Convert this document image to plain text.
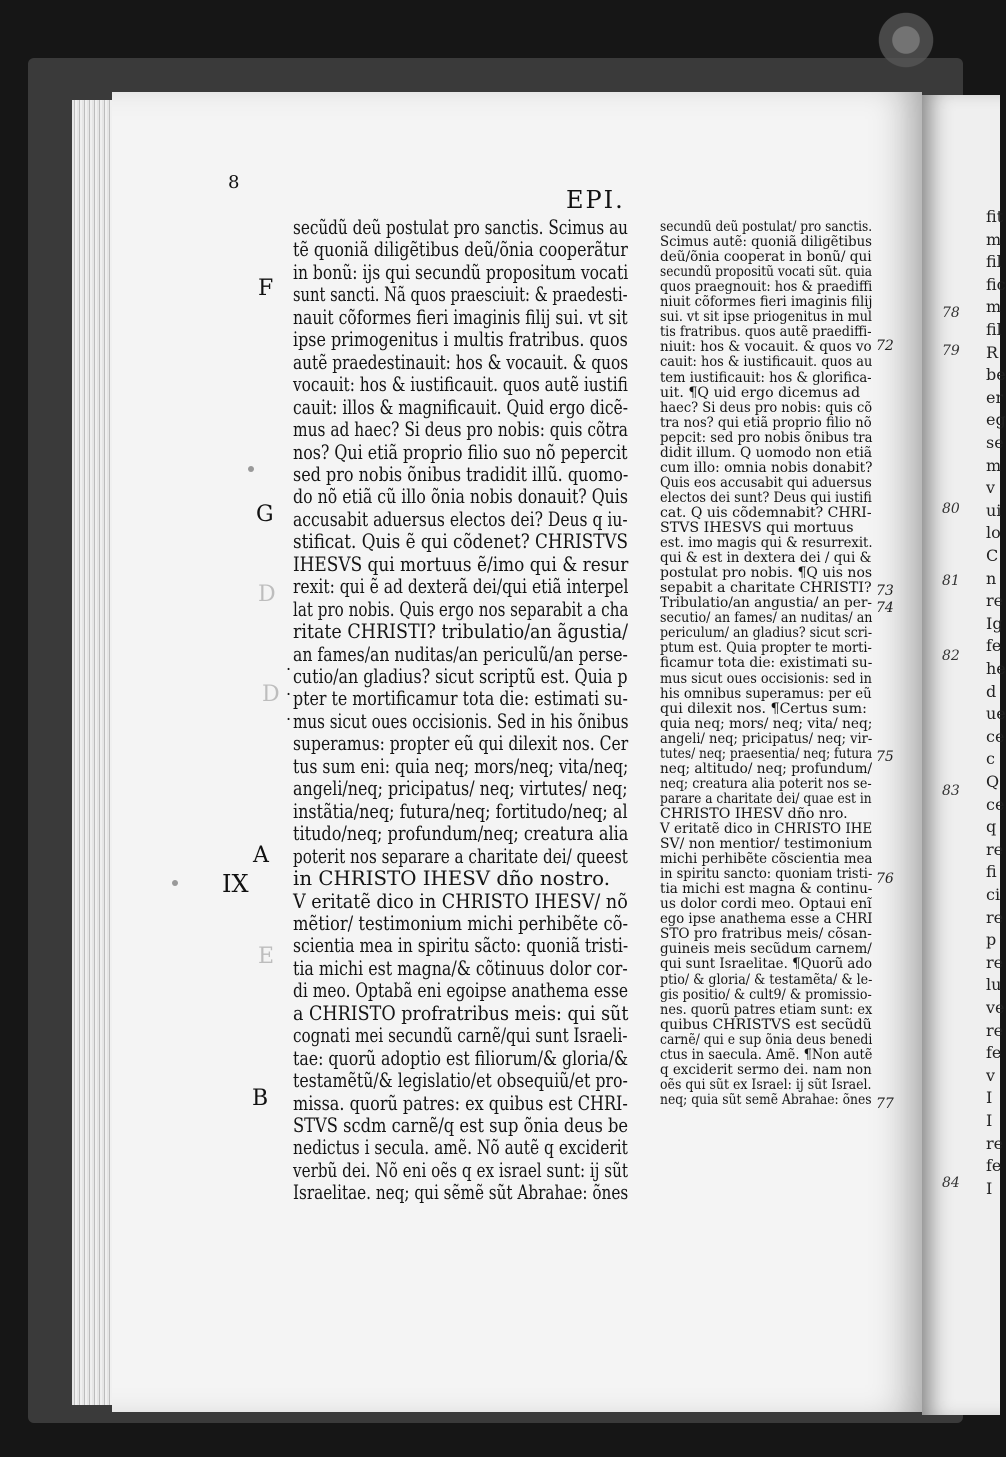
fit
m
fil
fic
m
fil
R
be
er
eg
se
m
v
ui
lo
C
n
re
Ig
fe
he
d
ue
ce
c
Q
ce
q
re
fi
ci
re
p
re
lu
ve
re
fe
v
I
I
re
fe
I
78
79
80
81
82
83
84
8
EPI.
F
G
D
D
A
E
B
IX
.
.
.
secũdũ deũ postulat pro sanctis. Scimus au
tẽ quoniã diligẽtibus deũ/õnia cooperãtur
in bonũ: ijs qui secundũ propositum vocati
sunt sancti. Nã quos praesciuit: & praedesti-
nauit cõformes fieri imaginis filij sui. vt sit
ipse primogenitus i multis fratribus. quos
autẽ praedestinauit: hos & vocauit. & quos
vocauit: hos & iustificauit. quos autẽ iustifi
cauit: illos & magnificauit. Quid ergo dicẽ-
mus ad haec? Si deus pro nobis: quis cõtra
nos? Qui etiã proprio filio suo nõ pepercit
sed pro nobis õnibus tradidit illũ. quomo-
do nõ etiã cũ illo õnia nobis donauit? Quis
accusabit aduersus electos dei? Deus q iu-
stificat. Quis ẽ qui cõdenet? CHRISTVS
IHESVS qui mortuus ẽ/imo qui & resur
rexit: qui ẽ ad dexterã dei/qui etiã interpel
lat pro nobis. Quis ergo nos separabit a cha
ritate CHRISTI? tribulatio/an ãgustia/
an fames/an nuditas/an periculũ/an perse-
cutio/an gladius? sicut scriptũ est. Quia p
pter te mortificamur tota die: estimati su-
mus sicut oues occisionis. Sed in his õnibus
superamus: propter eũ qui dilexit nos. Cer
tus sum eni: quia neq; mors/neq; vita/neq;
angeli/neq; pricipatus/ neq; virtutes/ neq;
instãtia/neq; futura/neq; fortitudo/neq; al
titudo/neq; profundum/neq; creatura alia
poterit nos separare a charitate dei/ queest
in CHRISTO IHESV dño nostro.
V eritatẽ dico in CHRISTO IHESV/ nõ
mẽtior/ testimonium michi perhibẽte cõ-
scientia mea in spiritu sãcto: quoniã tristi-
tia michi est magna/& cõtinuus dolor cor-
di meo. Optabã eni egoipse anathema esse
a CHRISTO profratribus meis: qui sũt
cognati mei secundũ carnẽ/qui sunt Israeli-
tae: quorũ adoptio est filiorum/& gloria/&
testamẽtũ/& legislatio/et obsequiũ/et pro-
missa. quorũ patres: ex quibus est CHRI-
STVS scdm carnẽ/q est sup õnia deus be
nedictus i secula. amẽ. Nõ autẽ q exciderit
verbũ dei. Nõ eni oẽs q ex israel sunt: ij sũt
Israelitae. neq; qui sẽmẽ sũt Abrahae: õnes
secundũ deũ postulat/ pro sanctis.
Scimus autẽ: quoniã diligẽtibus
deũ/õnia cooperat in bonũ/ qui
secundũ propositũ vocati sũt. quia
quos praegnouit: hos & praediffi
niuit cõformes fieri imaginis filij
sui. vt sit ipse priogenitus in mul
tis fratribus. quos autẽ praediffi-
niuit: hos & vocauit. & quos vo
cauit: hos & iustificauit. quos au
tem iustificauit: hos & glorifica-
uit. ¶Q uid ergo dicemus ad
haec? Si deus pro nobis: quis cõ
tra nos? qui etiã proprio filio nõ
pepcit: sed pro nobis õnibus tra
didit illum. Q uomodo non etiã
cum illo: omnia nobis donabit?
Quis eos accusabit qui aduersus
electos dei sunt? Deus qui iustifi
cat. Q uis cõdemnabit? CHRI-
STVS IHESVS qui mortuus
est. imo magis qui & resurrexit.
qui & est in dextera dei / qui &
postulat pro nobis. ¶Q uis nos
sepabit a charitate CHRISTI?
Tribulatio/an angustia/ an per-
secutio/ an fames/ an nuditas/ an
periculum/ an gladius? sicut scri-
ptum est. Quia propter te morti-
ficamur tota die: existimati su-
mus sicut oues occisionis: sed in
his omnibus superamus: per eũ
qui dilexit nos. ¶Certus sum:
quia neq; mors/ neq; vita/ neq;
angeli/ neq; pricipatus/ neq; vir-
tutes/ neq; praesentia/ neq; futura
neq; altitudo/ neq; profundum/
neq; creatura alia poterit nos se-
parare a charitate dei/ quae est in
CHRISTO IHESV dño nro.
V eritatẽ dico in CHRISTO IHE
SV/ non mentior/ testimonium
michi perhibẽte cõscientia mea
in spiritu sancto: quoniam tristi-
tia michi est magna & continu-
us dolor cordi meo. Optaui enĩ
ego ipse anathema esse a CHRI
STO pro fratribus meis/ cõsan-
guineis meis secũdum carnem/
qui sunt Israelitae. ¶Quorũ ado
ptio/ & gloria/ & testamẽta/ & le-
gis positio/ & cult9/ & promissio-
nes. quorũ patres etiam sunt: ex
quibus CHRISTVS est secũdũ
carnẽ/ qui e sup õnia deus benedi
ctus in saecula. Amẽ. ¶Non autẽ
q exciderit sermo dei. nam non
oẽs qui sũt ex Israel: ij sũt Israel.
neq; quia sũt semẽ Abrahae: õnes
72
73
74
75
76
77
